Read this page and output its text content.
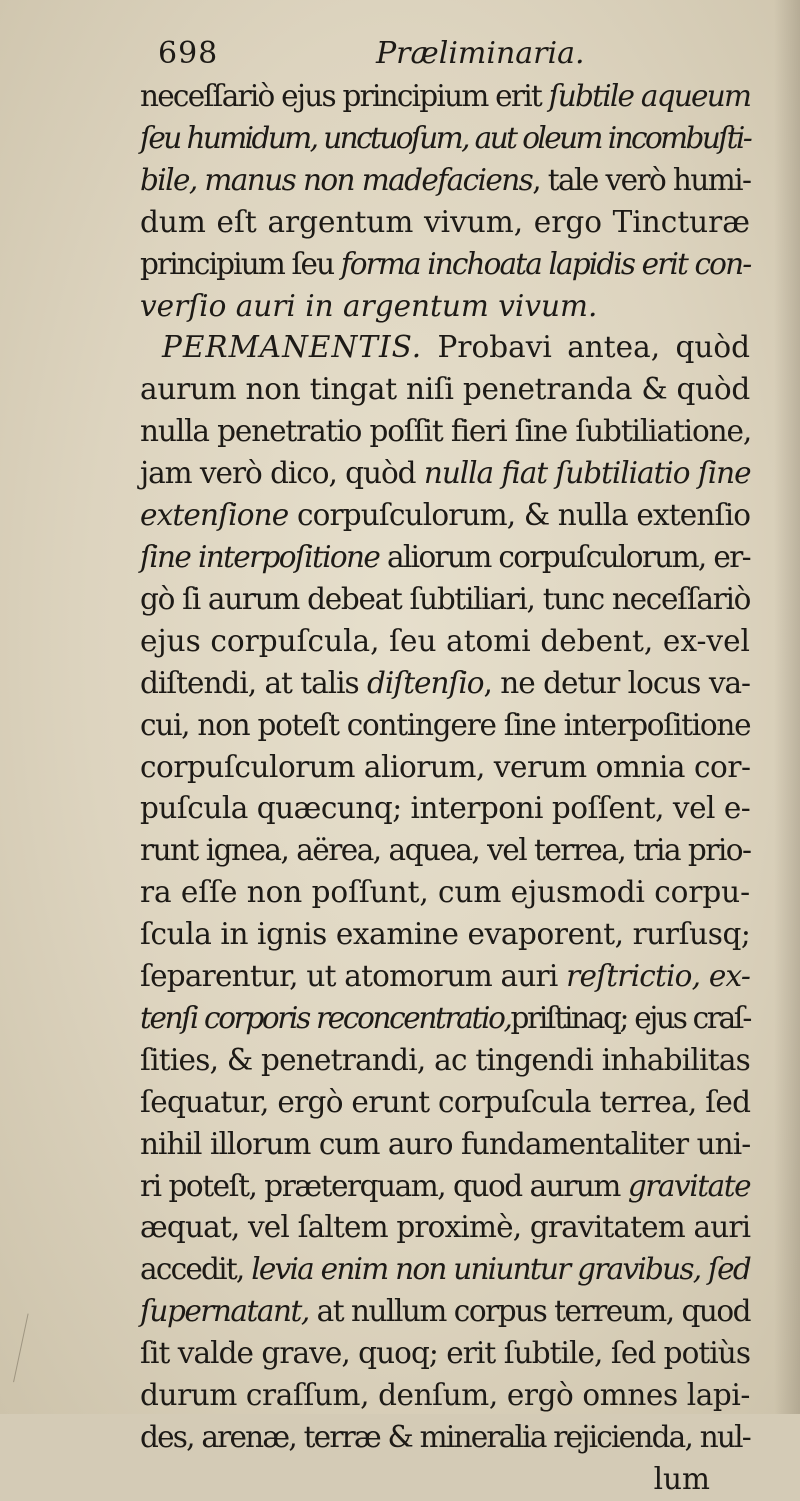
698	Præliminaria.
neceſſariò ejus principium erit ſubtile aqueum
ſeu humidum, unctuoſum, aut oleum incombuſti-
bile, manus non madefaciens, tale verò humi-
dum eſt argentum vivum, ergo Tincturæ
principium ſeu forma inchoata lapidis erit con-
verſio auri in argentum vivum.
PERMANENTIS. Probavi antea, quòd
aurum non tingat niſi penetranda & quòd
nulla penetratio poſſit fieri ſine ſubtiliatione,
jam verò dico, quòd nulla fiat ſubtiliatio ſine
extenſione corpuſculorum, & nulla extenſio
ſine interpoſitione aliorum corpuſculorum, er-
gò ſi aurum debeat ſubtiliari, tunc neceſſariò
ejus corpuſcula, ſeu atomi debent, ex-vel
diſtendi, at talis diſtenſio, ne detur locus va-
cui, non poteſt contingere ſine interpoſitione
corpuſculorum aliorum, verum omnia cor-
puſcula quæcunq; interponi poſſent, vel e-
runt ignea, aërea, aquea, vel terrea, tria prio-
ra eſſe non poſſunt, cum ejusmodi corpu-
ſcula in ignis examine evaporent, rurſusq;
ſeparentur, ut atomorum auri reſtrictio, ex-
tenſi corporis reconcentratio,priſtinaq; ejus craſ-
ſities, & penetrandi, ac tingendi inhabilitas
ſequatur, ergò erunt corpuſcula terrea, ſed
nihil illorum cum auro fundamentaliter uni-
ri poteſt, præterquam, quod aurum gravitate
æquat, vel ſaltem proximè, gravitatem auri
accedit, levia enim non uniuntur gravibus, ſed
ſupernatant, at nullum corpus terreum, quod
ſit valde grave, quoq; erit ſubtile, ſed potiùs
durum craſſum, denſum, ergò omnes lapi-
des, arenæ, terræ & mineralia rejicienda, nul-
lum
